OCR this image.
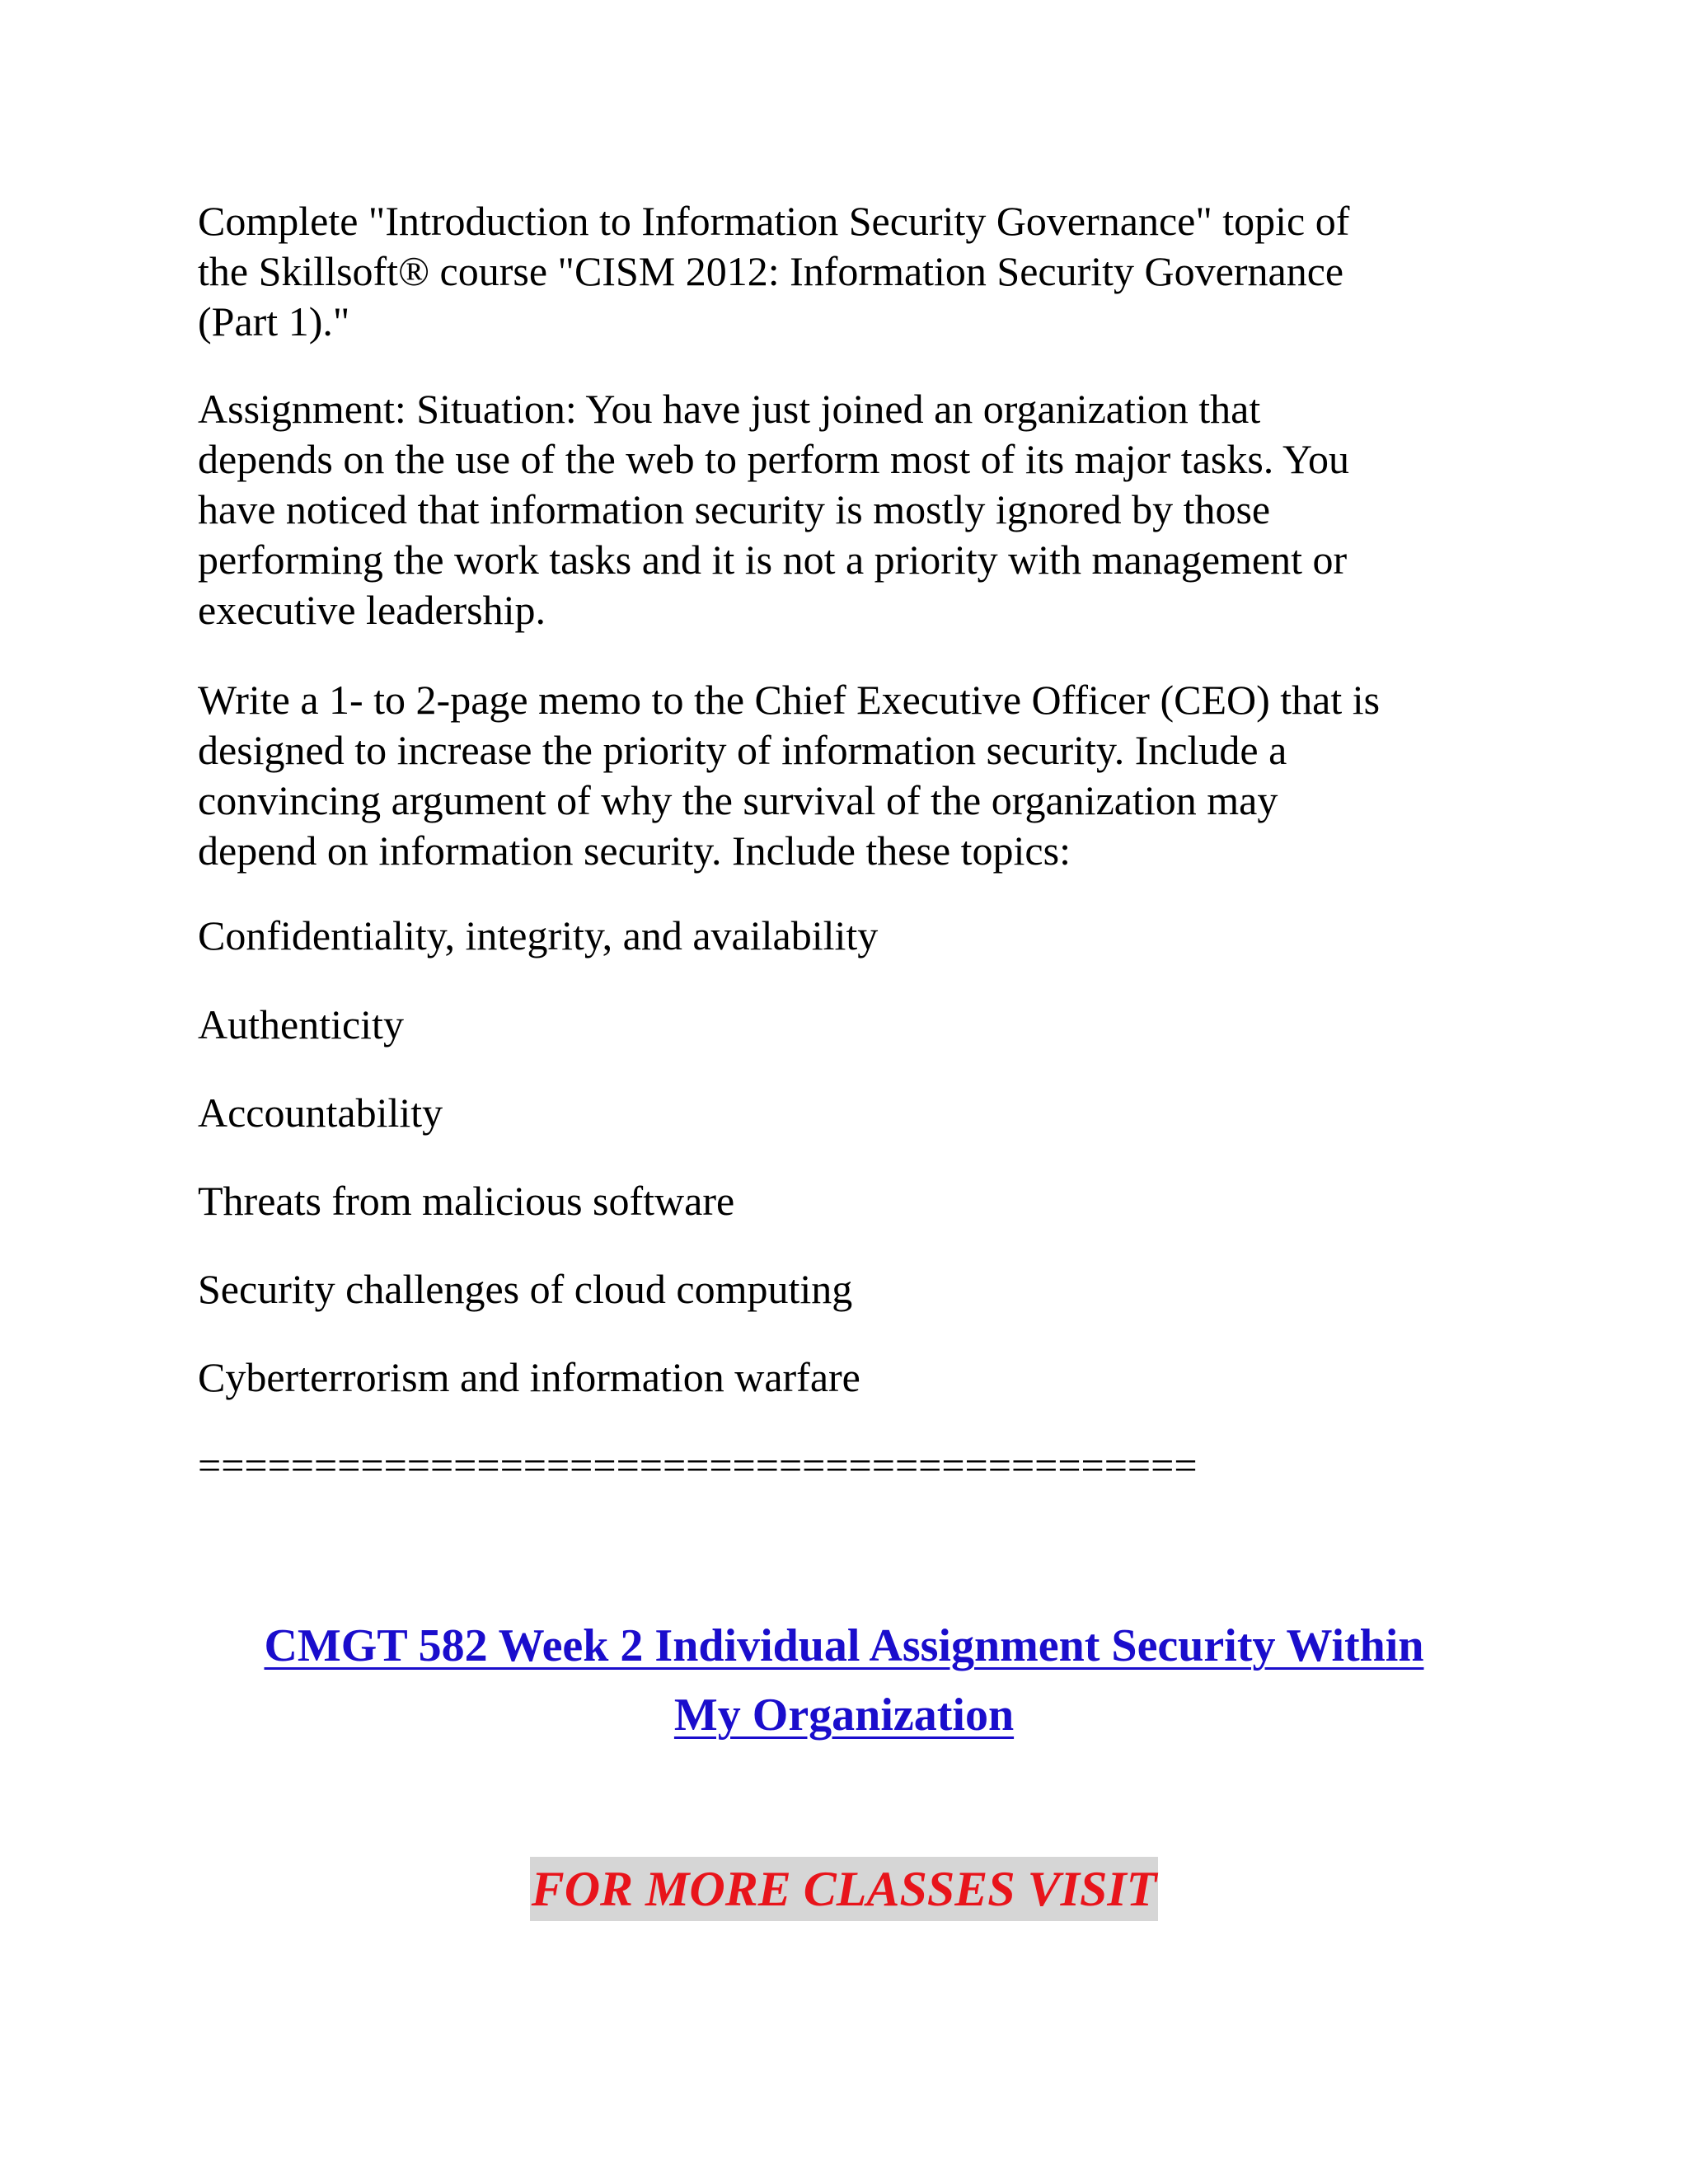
Complete "Introduction to Information Security Governance" topic of
the Skillsoft® course "CISM 2012: Information Security Governance
(Part 1)."

Assignment: Situation: You have just joined an organization that
depends on the use of the web to perform most of its major tasks. You
have noticed that information security is mostly ignored by those
performing the work tasks and it is not a priority with management or
executive leadership.

Write a 1- to 2-page memo to the Chief Executive Officer (CEO) that is
designed to increase the priority of information security. Include a
convincing argument of why the survival of the organization may
depend on information security. Include these topics:

Confidentiality, integrity, and availability

Authenticity

Accountability

Threats from malicious software

Security challenges of cloud computing

Cyberterrorism and information warfare

===========================================

CMGT 582 Week 2 Individual Assignment Security Within

My Organization

FOR MORE CLASSES VISIT
